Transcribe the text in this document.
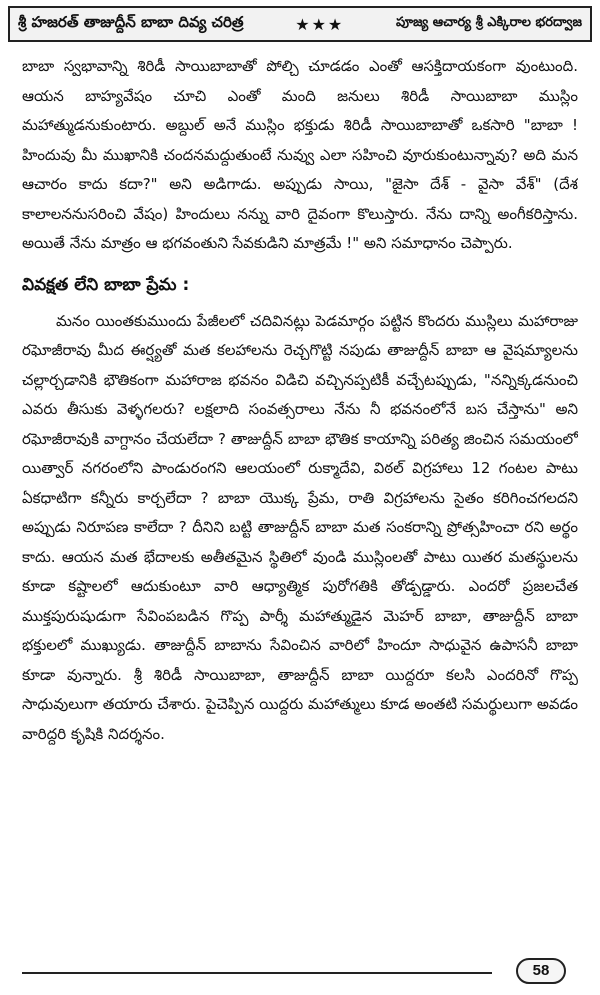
శ్రీ హజరత్ తాజుద్దీన్ బాబా దివ్య చరిత్ర	★★★	పూజ్య ఆచార్య శ్రీ ఎక్కిరాల భరద్వాజ

బాబా స్వభావాన్ని శిరిడీ సాయిబాబాతో పోల్చి చూడడం ఎంతో ఆసక్తిదాయకంగా వుంటుంది. ఆయన బాహ్యవేషం చూచి ఎంతో మంది జనులు శిరిడీ సాయిబాబా ముస్లిం మహాత్ముడనుకుంటారు. అబ్దుల్ అనే ముస్లిం భక్తుడు శిరిడీ సాయిబాబాతో ఒకసారి "బాబా ! హిందువు మీ ముఖానికి చందనమద్దుతుంటే నువ్వు ఎలా సహించి వూరుకుంటున్నావు? అది మన ఆచారం కాదు కదా?" అని అడిగాడు. అప్పుడు సాయి, "జైసా దేశ్ - వైసా వేశ్" (దేశ కాలాలననుసరించి వేషం) హిందులు నన్ను వారి దైవంగా కొలుస్తారు. నేను దాన్ని అంగీకరిస్తాను. అయితే నేను మాత్రం ఆ భగవంతుని సేవకుడిని మాత్రమే !" అని సమాధానం చెప్పారు.

వివక్షత లేని బాబా ప్రేమ :

మనం యింతకుముందు పేజీలలో చదివినట్లు పెడమార్గం పట్టిన కొందరు ముస్లిలు మహారాజు రఘోజీరావు మీద ఈర్ష్యతో మత కలహాలను రెచ్చగొట్టి నపుడు తాజుద్దీన్ బాబా ఆ వైషమ్యాలను చల్లార్చడానికి భౌతికంగా మహారాజ భవనం విడిచి వచ్చినప్పటికీ వచ్చేటప్పుడు, "నన్నిక్కడనుంచి ఎవరు తీసుకు వెళ్ళగలరు? లక్షలాది సంవత్సరాలు నేను నీ భవనంలోనే బస చేస్తాను" అని రఘోజీరావుకి వాగ్దానం చేయలేదా ? తాజుద్దీన్ బాబా భౌతిక కాయాన్ని పరిత్య జించిన సమయంలో యిత్వార్ నగరంలోని పాండురంగని ఆలయంలో రుక్మాదేవి, విఠల్ విగ్రహాలు 12 గంటల పాటు ఏకధాటిగా కన్నీరు కార్చలేదా ? బాబా యొక్క ప్రేమ, రాతి విగ్రహాలను సైతం కరిగించగలదని అప్పుడు నిరూపణ కాలేదా ? దీనిని బట్టి తాజుద్దీన్ బాబా మత సంకరాన్ని ప్రోత్సహించా రని అర్థం కాదు. ఆయన మత భేదాలకు అతీతమైన స్థితిలో వుండి ముస్లింలతో పాటు యితర మతస్థులను కూడా కష్టాలలో ఆదుకుంటూ వారి ఆధ్యాత్మిక పురోగతికి తోడ్పడ్డారు. ఎందరో ప్రజలచేత ముక్తపురుషుడుగా సేవింపబడిన గొప్ప పార్శీ మహాత్ముడైన మెహర్ బాబా, తాజుద్దీన్ బాబా భక్తులలో ముఖ్యుడు. తాజుద్దీన్ బాబాను సేవించిన వారిలో హిందూ సాధువైన ఉపాసనీ బాబా కూడా వున్నారు. శ్రీ శిరిడీ సాయిబాబా, తాజుద్దీన్ బాబా యిద్దరూ కలసి ఎందరినో గొప్ప సాధువులుగా తయారు చేశారు. పైచెప్పిన యిద్దరు మహాత్ములు కూడ అంతటి సమర్థులుగా అవడం వారిద్దరి కృషికి నిదర్శనం.

58
